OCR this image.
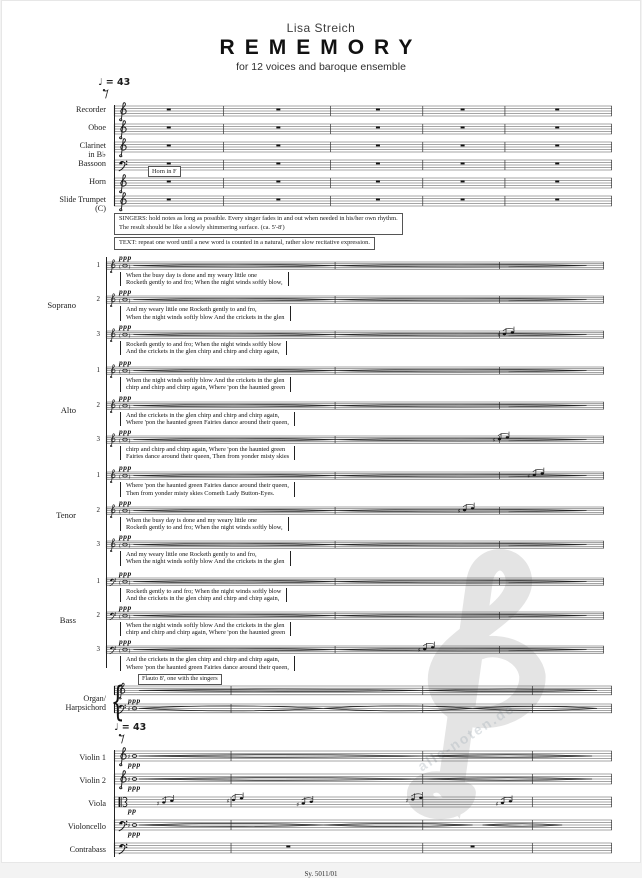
alle-noten.de
Lisa Streich
REMEMORY
for 12 voices and baroque ensemble
♩ = 43
Recorder
Oboe
Clarinet
in B♭
Bassoon
Horn
Horn in F
Slide Trumpet
(C)
SINGERS: hold notes as long as possible. Every singer fades in and out when needed in his/her own rhythm.
The result should be like a slowly shimmering surface. (ca. 5'-8')
TEXT: repeat one word until a new word is counted in a natural, rather slow recitative expression.
Soprano
1	( )
ppp
When the busy day is done and my weary little one
Rocketh gently to and fro; When the night winds softly blow,
2	( )
ppp
And my weary little one Rocketh gently to and fro,
When the night winds softly blow And the crickets in the glen
3	( )	♯
ppp
Rocketh gently to and fro; When the night winds softly blow
And the crickets in the glen chirp and chirp and chirp again,
Alto
1	( )
ppp
When the night winds softly blow And the crickets in the glen
chirp and chirp and chirp again, Where 'pon the haunted green
2	( )
ppp
And the crickets in the glen chirp and chirp and chirp again,
Where 'pon the haunted green Fairies dance around their queen,
3	( )	♯
ppp
chirp and chirp and chirp again, Where 'pon the haunted green
Fairies dance around their queen, Then from yonder misty skies
Tenor
1	( )	♯
ppp
Where 'pon the haunted green Fairies dance around their queen,
Then from yonder misty skies Cometh Lady Button-Eyes.
2	( )	♯
ppp
When the busy day is done and my weary little one
Rocketh gently to and fro; When the night winds softly blow,
3	( )
ppp
And my weary little one Rocketh gently to and fro,
When the night winds softly blow And the crickets in the glen
Bass
1	( )
ppp
Rocketh gently to and fro; When the night winds softly blow
And the crickets in the glen chirp and chirp and chirp again,
2	( )
ppp
When the night winds softly blow And the crickets in the glen
chirp and chirp and chirp again, Where 'pon the haunted green
3	( )	♯
ppp
And the crickets in the glen chirp and chirp and chirp again,
Where 'pon the haunted green Fairies dance around their queen,
Organ/
Harpsichord {	Flauto 8', one with the singers
ppp
♯
♩ = 43
Violin 1	♯
ppp
Violin 2	♯
ppp
Viola	♯	♯	♯
♯	♯
pp
Violoncello	♯
ppp
Contrabass
Sy. 5011/01
